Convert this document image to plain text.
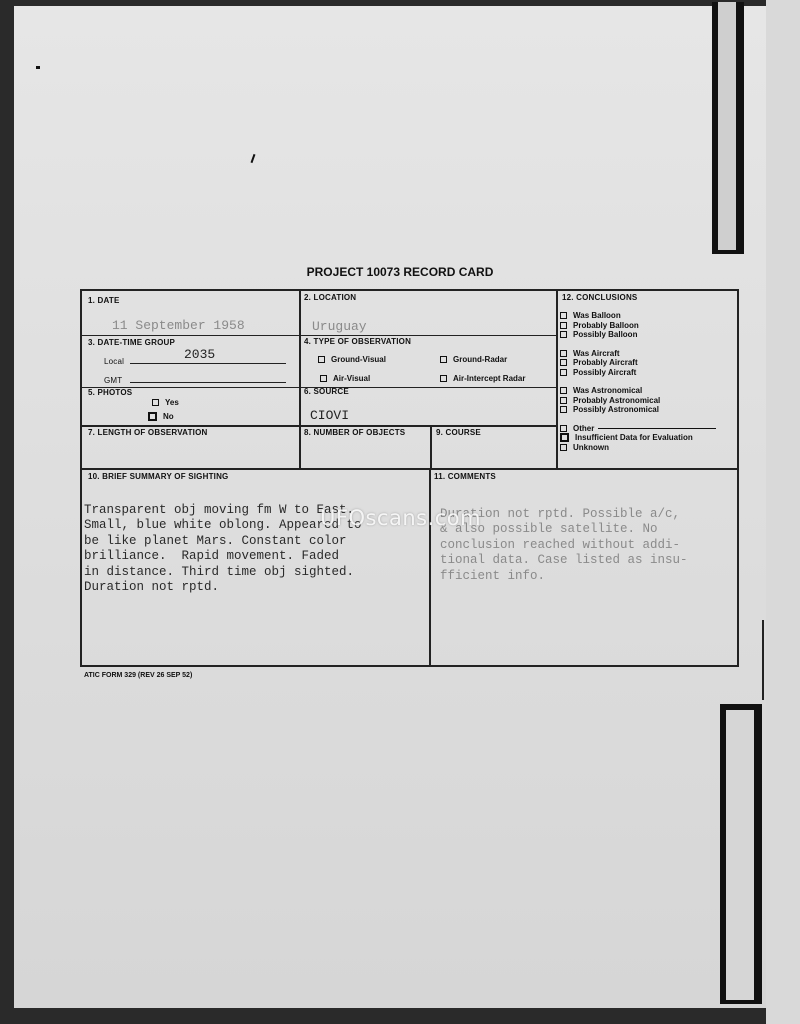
PROJECT 10073 RECORD CARD
1. DATE
11 September 1958
2. LOCATION
Uruguay
3. DATE-TIME GROUP
Local	2035
GMT
4. TYPE OF OBSERVATION
Ground-Visual	Ground-Radar
Air-Visual	Air-Intercept Radar
5. PHOTOS
Yes
No
6. SOURCE
CIOVI
7. LENGTH OF OBSERVATION	8. NUMBER OF OBJECTS	9. COURSE
12. CONCLUSIONS
Was Balloon
Probably Balloon
Possibly Balloon
Was Aircraft
Probably Aircraft
Possibly Aircraft
Was Astronomical
Probably Astronomical
Possibly Astronomical
Other
Insufficient Data for Evaluation
Unknown
10. BRIEF SUMMARY OF SIGHTING

Transparent obj moving fm W to East.
Small, blue white oblong. Appeared to
be like planet Mars. Constant color
brilliance.  Rapid movement. Faded
in distance. Third time obj sighted.
Duration not rptd.

11. COMMENTS

Duration not rptd. Possible a/c,
& also possible satellite. No
conclusion reached without addi-
tional data. Case listed as insu-
fficient info.

UFOscans.com
ATIC FORM 329 (REV 26 SEP 52)
